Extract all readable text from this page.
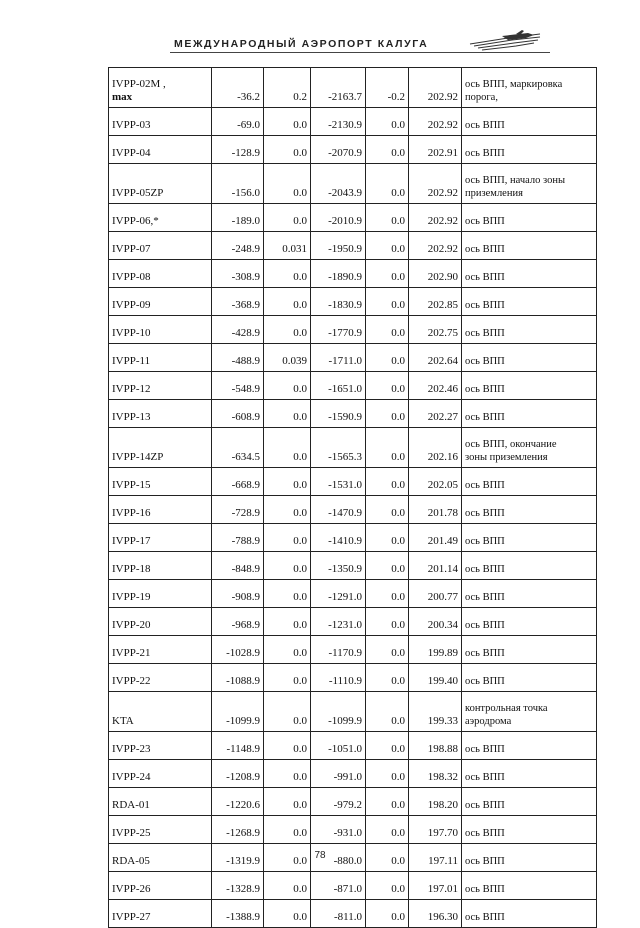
МЕЖДУНАРОДНЫЙ АЭРОПОРТ КАЛУГА
IVPP-02M ,
max	-36.2	0.2	-2163.7	-0.2	202.92	ось ВПП, маркировка
порога,
IVPP-03	-69.0	0.0	-2130.9	0.0	202.92	ось ВПП
IVPP-04	-128.9	0.0	-2070.9	0.0	202.91	ось ВПП
IVPP-05ZP	-156.0	0.0	-2043.9	0.0	202.92	ось ВПП, начало зоны
приземления
IVPP-06,*	-189.0	0.0	-2010.9	0.0	202.92	ось ВПП
IVPP-07	-248.9	0.031	-1950.9	0.0	202.92	ось ВПП
IVPP-08	-308.9	0.0	-1890.9	0.0	202.90	ось ВПП
IVPP-09	-368.9	0.0	-1830.9	0.0	202.85	ось ВПП
IVPP-10	-428.9	0.0	-1770.9	0.0	202.75	ось ВПП
IVPP-11	-488.9	0.039	-1711.0	0.0	202.64	ось ВПП
IVPP-12	-548.9	0.0	-1651.0	0.0	202.46	ось ВПП
IVPP-13	-608.9	0.0	-1590.9	0.0	202.27	ось ВПП
IVPP-14ZP	-634.5	0.0	-1565.3	0.0	202.16	ось ВПП, окончание
зоны приземления
IVPP-15	-668.9	0.0	-1531.0	0.0	202.05	ось ВПП
IVPP-16	-728.9	0.0	-1470.9	0.0	201.78	ось ВПП
IVPP-17	-788.9	0.0	-1410.9	0.0	201.49	ось ВПП
IVPP-18	-848.9	0.0	-1350.9	0.0	201.14	ось ВПП
IVPP-19	-908.9	0.0	-1291.0	0.0	200.77	ось ВПП
IVPP-20	-968.9	0.0	-1231.0	0.0	200.34	ось ВПП
IVPP-21	-1028.9	0.0	-1170.9	0.0	199.89	ось ВПП
IVPP-22	-1088.9	0.0	-1110.9	0.0	199.40	ось ВПП
KTA	-1099.9	0.0	-1099.9	0.0	199.33	контрольная точка
аэродрома
IVPP-23	-1148.9	0.0	-1051.0	0.0	198.88	ось ВПП
IVPP-24	-1208.9	0.0	-991.0	0.0	198.32	ось ВПП
RDA-01	-1220.6	0.0	-979.2	0.0	198.20	ось ВПП
IVPP-25	-1268.9	0.0	-931.0	0.0	197.70	ось ВПП
RDA-05	-1319.9	0.0	-880.0	0.0	197.11	ось ВПП
IVPP-26	-1328.9	0.0	-871.0	0.0	197.01	ось ВПП
IVPP-27	-1388.9	0.0	-811.0	0.0	196.30	ось ВПП
78
